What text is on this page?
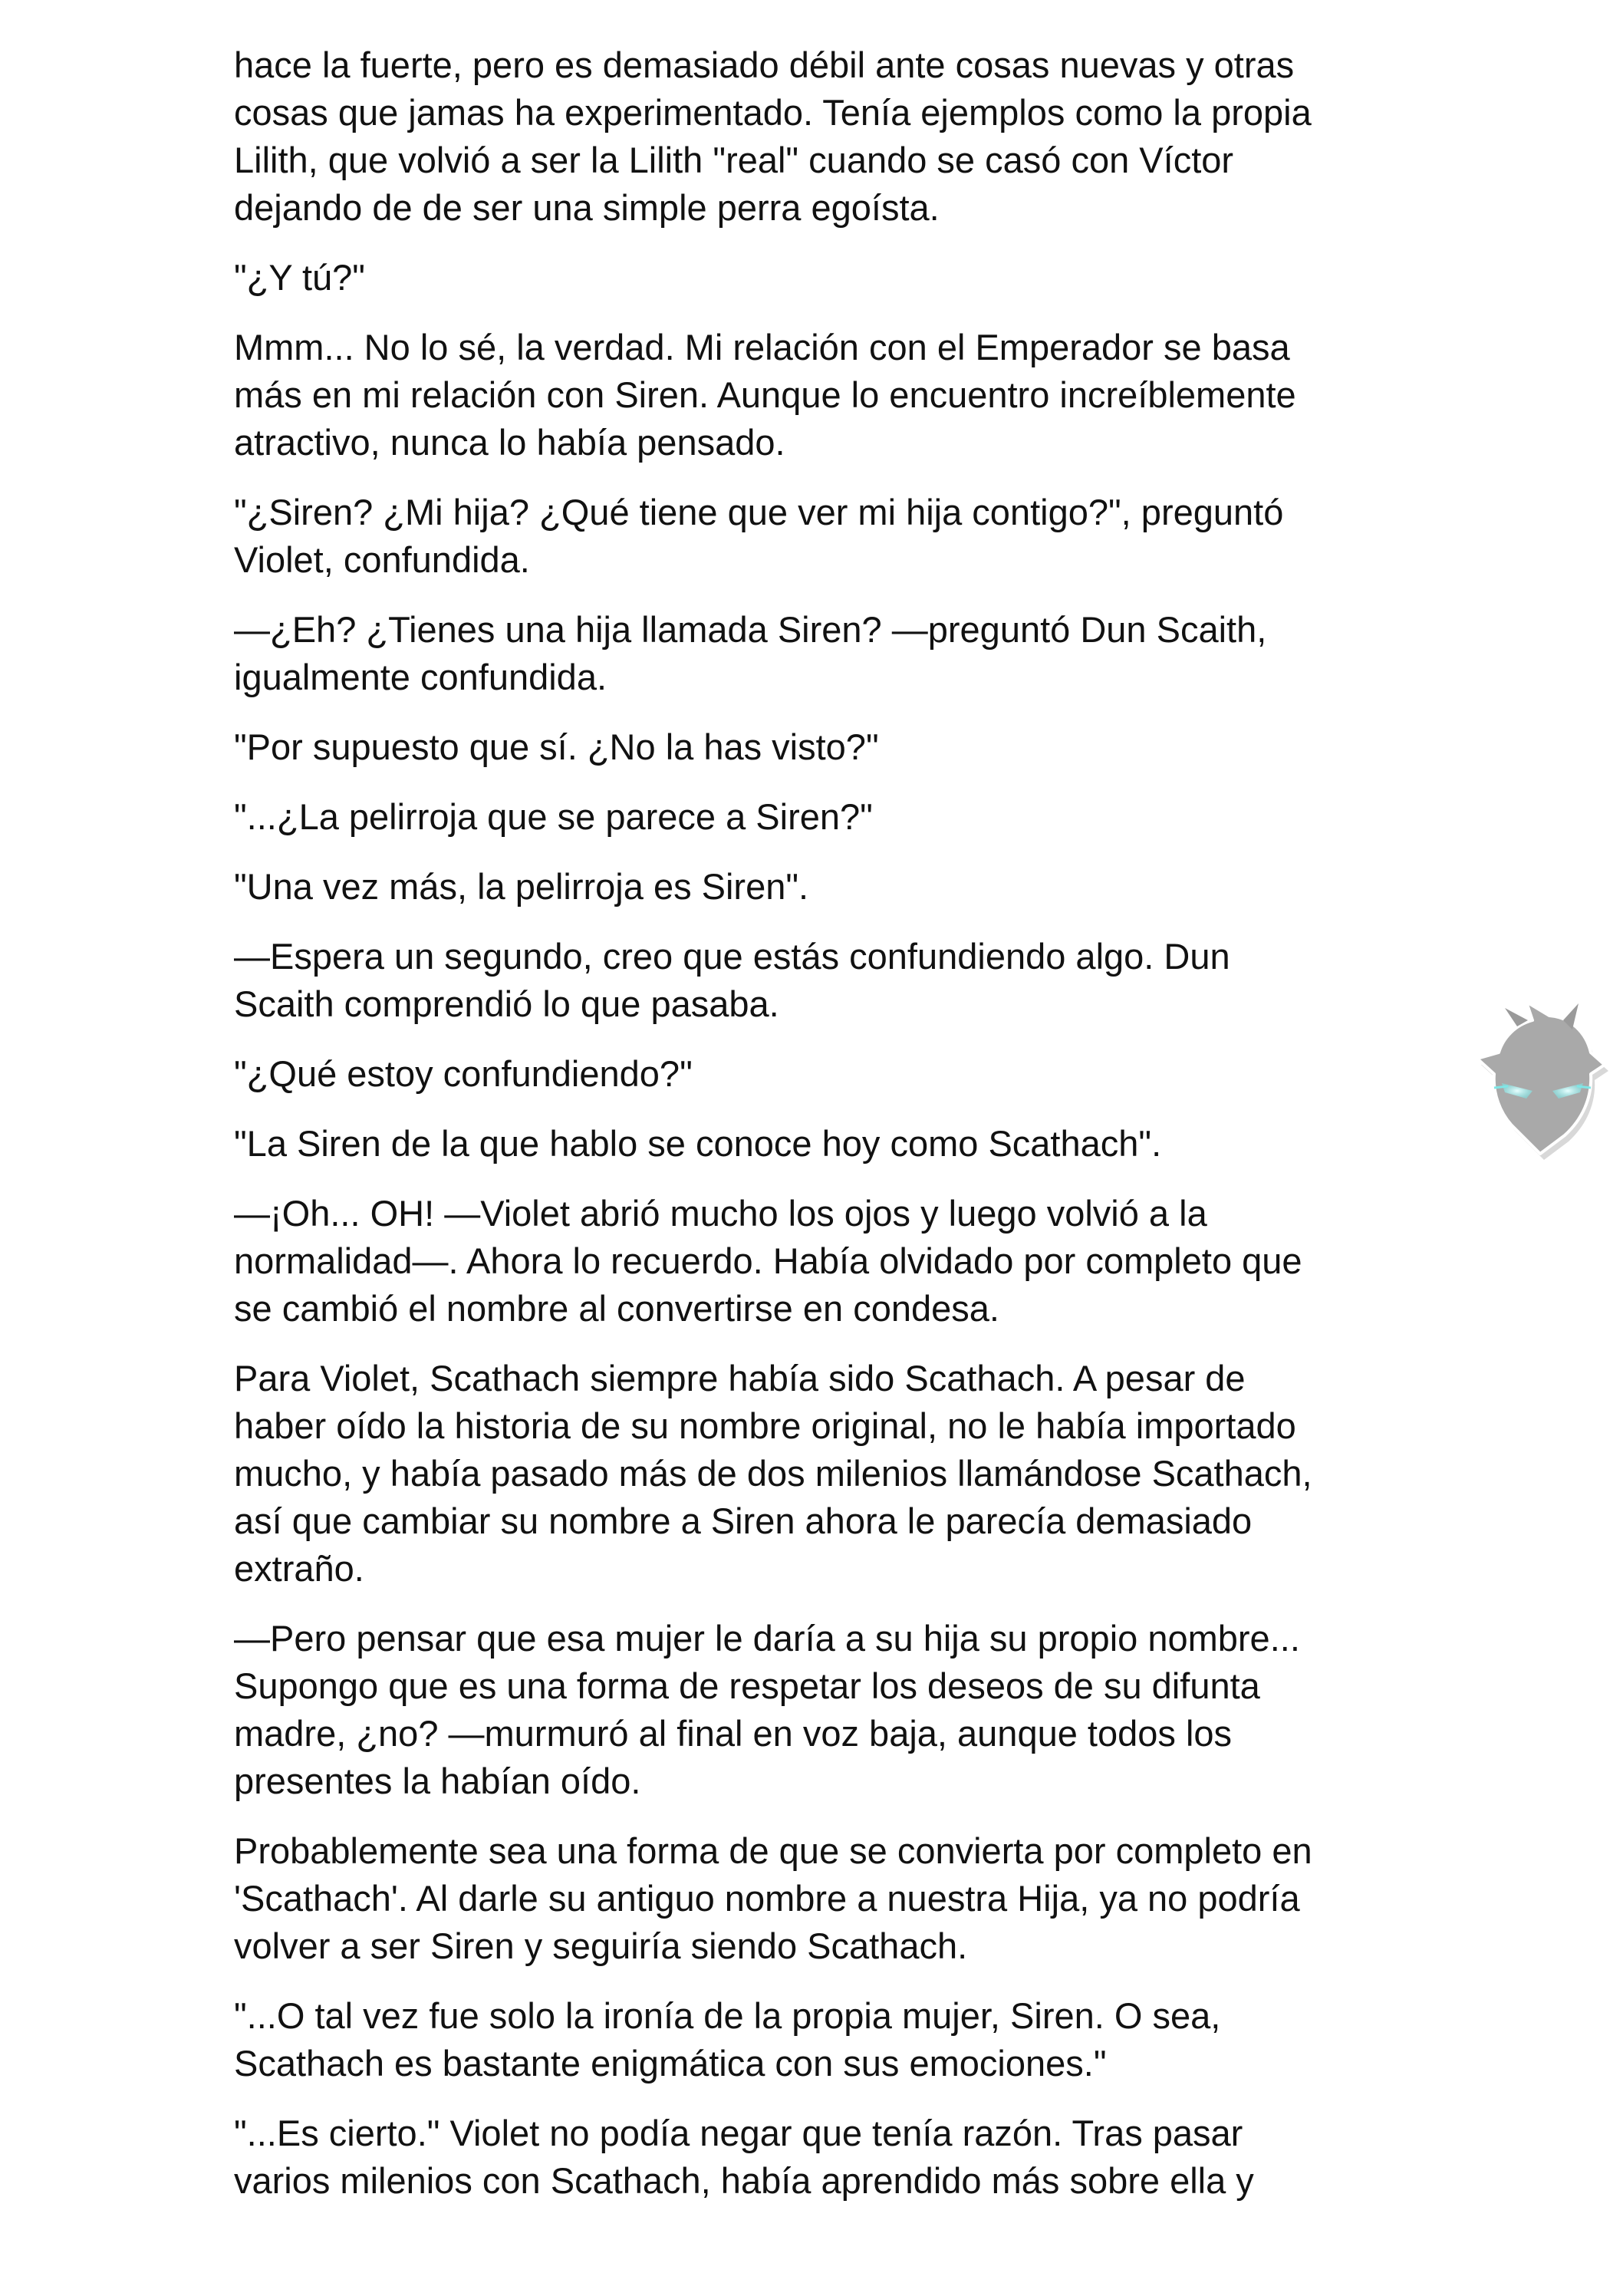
hace la fuerte, pero es demasiado débil ante cosas nuevas y otras
cosas que jamas ha experimentado. Tenía ejemplos como la propia
Lilith, que volvió a ser la Lilith "real" cuando se casó con Víctor
dejando de de ser una simple perra egoísta.

"¿Y tú?"

Mmm... No lo sé, la verdad. Mi relación con el Emperador se basa
más en mi relación con Siren. Aunque lo encuentro increíblemente
atractivo, nunca lo había pensado.

"¿Siren? ¿Mi hija? ¿Qué tiene que ver mi hija contigo?", preguntó
Violet, confundida.

—¿Eh? ¿Tienes una hija llamada Siren? —preguntó Dun Scaith,
igualmente confundida.

"Por supuesto que sí. ¿No la has visto?"

"...¿La pelirroja que se parece a Siren?"

"Una vez más, la pelirroja es Siren".

—Espera un segundo, creo que estás confundiendo algo. Dun
Scaith comprendió lo que pasaba.

"¿Qué estoy confundiendo?"

"La Siren de la que hablo se conoce hoy como Scathach".

—¡Oh... OH! —Violet abrió mucho los ojos y luego volvió a la
normalidad—. Ahora lo recuerdo. Había olvidado por completo que
se cambió el nombre al convertirse en condesa.

Para Violet, Scathach siempre había sido Scathach. A pesar de
haber oído la historia de su nombre original, no le había importado
mucho, y había pasado más de dos milenios llamándose Scathach,
así que cambiar su nombre a Siren ahora le parecía demasiado
extraño.

—Pero pensar que esa mujer le daría a su hija su propio nombre...
Supongo que es una forma de respetar los deseos de su difunta
madre, ¿no? —murmuró al final en voz baja, aunque todos los
presentes la habían oído.

Probablemente sea una forma de que se convierta por completo en
'Scathach'. Al darle su antiguo nombre a nuestra Hija, ya no podría
volver a ser Siren y seguiría siendo Scathach.

"...O tal vez fue solo la ironía de la propia mujer, Siren. O sea,
Scathach es bastante enigmática con sus emociones."

"...Es cierto." Violet no podía negar que tenía razón. Tras pasar
varios milenios con Scathach, había aprendido más sobre ella y
